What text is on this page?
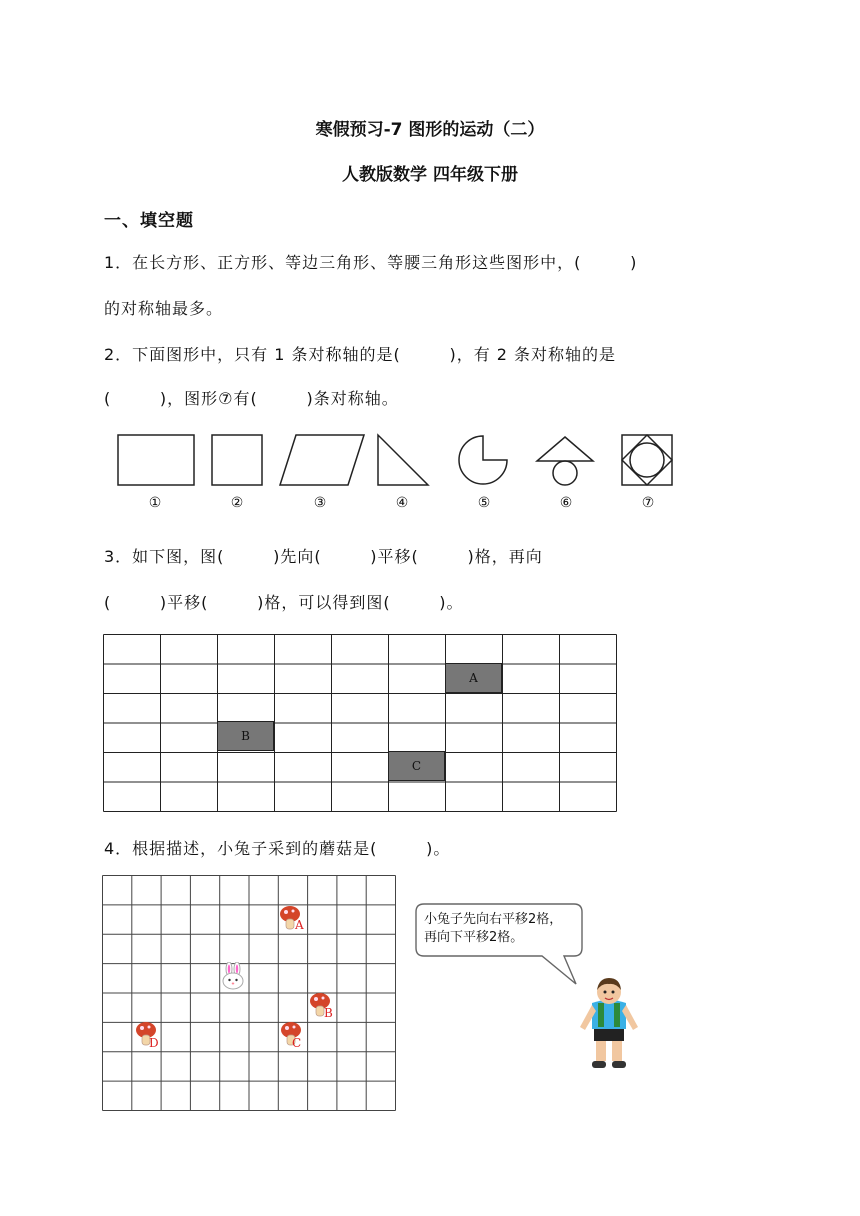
寒假预习-7 图形的运动（二）
人教版数学 四年级下册
一、填空题
1．在长方形、正方形、等边三角形、等腰三角形这些图形中，(        )
的对称轴最多。
2．下面图形中，只有 1 条对称轴的是(        )，有 2 条对称轴的是
(        )，图形⑦有(        )条对称轴。
①	②	③	④	⑤	⑥	⑦
3．如下图，图(        )先向(        )平移(        )格，再向
(        )平移(        )格，可以得到图(        )。
A
B
C
4．根据描述，小兔子采到的蘑菇是(        )。
A
B
C
D
小兔子先向右平移2格，
再向下平移2格。
